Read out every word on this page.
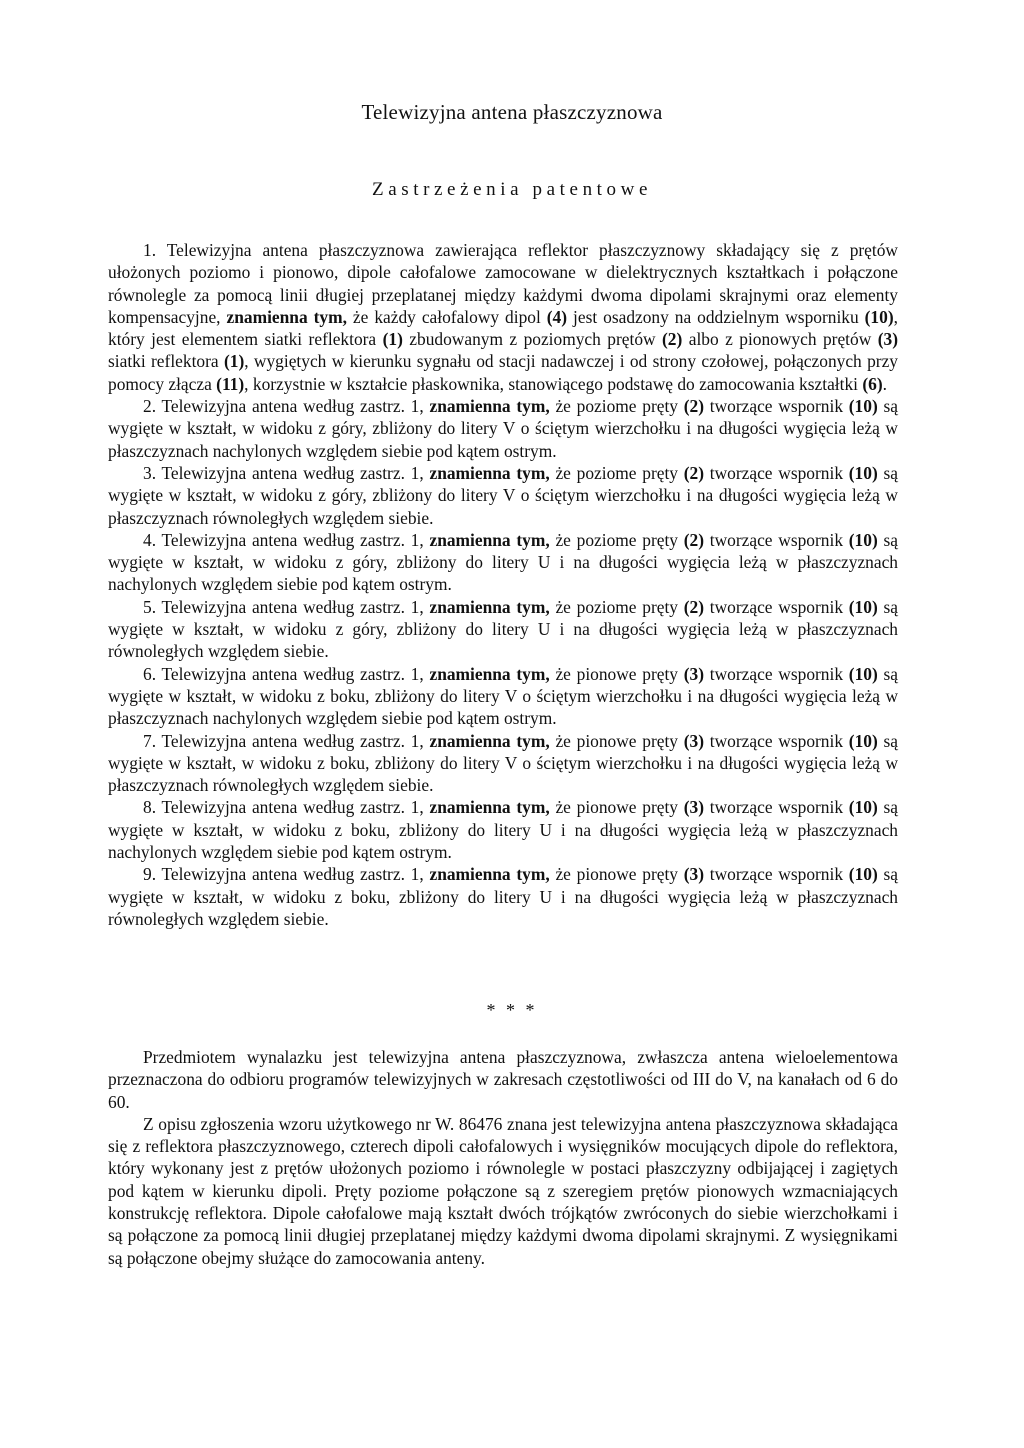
Telewizyjna antena płaszczyznowa
Zastrzeżenia patentowe

1. Telewizyjna antena płaszczyznowa zawierająca reflektor płaszczyznowy składający się z prętów ułożonych poziomo i pionowo, dipole całofalowe zamocowane w dielektrycznych kształtkach i połączone równolegle za pomocą linii długiej przeplatanej między każdymi dwoma dipolami skrajnymi oraz elementy kompensacyjne, znamienna tym, że każdy całofalowy dipol (4) jest osadzony na oddzielnym wsporniku (10), który jest elementem siatki reflektora (1) zbudowanym z poziomych prętów (2) albo z pionowych prętów (3) siatki reflektora (1), wygiętych w kierunku sygnału od stacji nadawczej i od strony czołowej, połączonych przy pomocy złącza (11), korzystnie w kształcie płaskownika, stanowiącego podstawę do zamocowania kształtki (6).

2. Telewizyjna antena według zastrz. 1, znamienna tym, że poziome pręty (2) tworzące wspornik (10) są wygięte w kształt, w widoku z góry, zbliżony do litery V o ściętym wierzchołku i na długości wygięcia leżą w płaszczyznach nachylonych względem siebie pod kątem ostrym.

3. Telewizyjna antena według zastrz. 1, znamienna tym, że poziome pręty (2) tworzące wspornik (10) są wygięte w kształt, w widoku z góry, zbliżony do litery V o ściętym wierzchołku i na długości wygięcia leżą w płaszczyznach równoległych względem siebie.

4. Telewizyjna antena według zastrz. 1, znamienna tym, że poziome pręty (2) tworzące wspornik (10) są wygięte w kształt, w widoku z góry, zbliżony do litery U i na długości wygięcia leżą w płaszczyznach nachylonych względem siebie pod kątem ostrym.

5. Telewizyjna antena według zastrz. 1, znamienna tym, że poziome pręty (2) tworzące wspornik (10) są wygięte w kształt, w widoku z góry, zbliżony do litery U i na długości wygięcia leżą w płaszczyznach równoległych względem siebie.

6. Telewizyjna antena według zastrz. 1, znamienna tym, że pionowe pręty (3) tworzące wspornik (10) są wygięte w kształt, w widoku z boku, zbliżony do litery V o ściętym wierzchołku i na długości wygięcia leżą w płaszczyznach nachylonych względem siebie pod kątem ostrym.

7. Telewizyjna antena według zastrz. 1, znamienna tym, że pionowe pręty (3) tworzące wspornik (10) są wygięte w kształt, w widoku z boku, zbliżony do litery V o ściętym wierzchołku i na długości wygięcia leżą w płaszczyznach równoległych względem siebie.

8. Telewizyjna antena według zastrz. 1, znamienna tym, że pionowe pręty (3) tworzące wspornik (10) są wygięte w kształt, w widoku z boku, zbliżony do litery U i na długości wygięcia leżą w płaszczyznach nachylonych względem siebie pod kątem ostrym.

9. Telewizyjna antena według zastrz. 1, znamienna tym, że pionowe pręty (3) tworzące wspornik (10) są wygięte w kształt, w widoku z boku, zbliżony do litery U i na długości wygięcia leżą w płaszczyznach równoległych względem siebie.

* * *

Przedmiotem wynalazku jest telewizyjna antena płaszczyznowa, zwłaszcza antena wieloelementowa przeznaczona do odbioru programów telewizyjnych w zakresach częstotliwości od III do V, na kanałach od 6 do 60.

Z opisu zgłoszenia wzoru użytkowego nr W. 86476 znana jest telewizyjna antena płaszczyznowa składająca się z reflektora płaszczyznowego, czterech dipoli całofalowych i wysięgników mocujących dipole do reflektora, który wykonany jest z prętów ułożonych poziomo i równolegle w postaci płaszczyzny odbijającej i zagiętych pod kątem w kierunku dipoli. Pręty poziome połączone są z szeregiem prętów pionowych wzmacniających konstrukcję reflektora. Dipole całofalowe mają kształt dwóch trójkątów zwróconych do siebie wierzchołkami i są połączone za pomocą linii długiej przeplatanej między każdymi dwoma dipolami skrajnymi. Z wysięgnikami są połączone obejmy służące do zamocowania anteny.
